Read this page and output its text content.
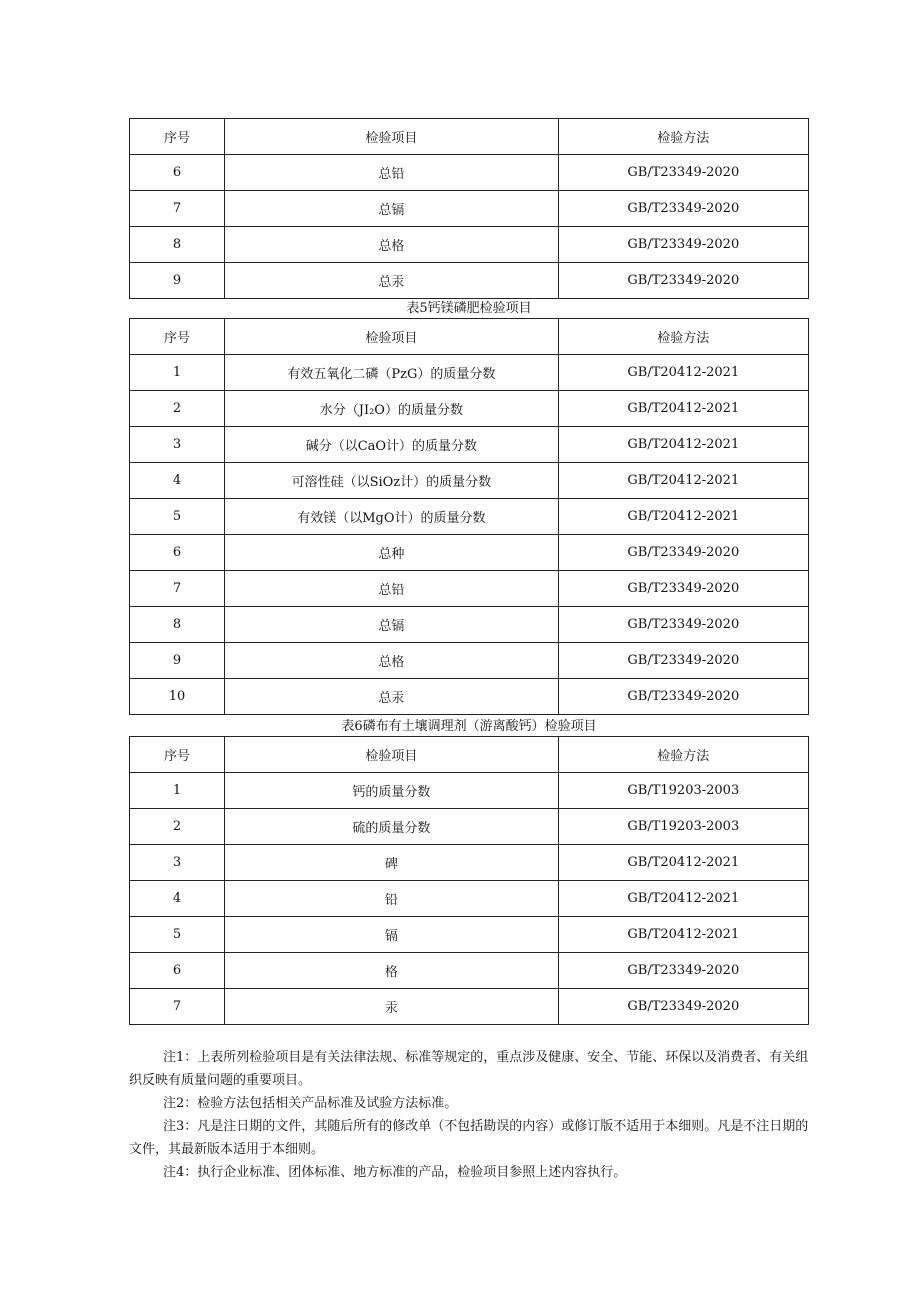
序号	检验项目	检验方法
6	总铅	GB/T23349-2020
7	总镉	GB/T23349-2020
8	总格	GB/T23349-2020
9	总汞	GB/T23349-2020
表5钙镁磷肥检验项目
序号	检验项目	检验方法
1	有效五氧化二磷（PzG）的质量分数	GB/T20412-2021
2	水分（JI₂O）的质量分数	GB/T20412-2021
3	碱分（以CaO计）的质量分数	GB/T20412-2021
4	可溶性硅（以SiOz计）的质量分数	GB/T20412-2021
5	有效镁（以MgO计）的质量分数	GB/T20412-2021
6	总种	GB/T23349-2020
7	总铅	GB/T23349-2020
8	总镉	GB/T23349-2020
9	总格	GB/T23349-2020
10	总汞	GB/T23349-2020
表6磷布有土壤调理剂（游离酸钙）检验项目
序号	检验项目	检验方法
1	钙的质量分数	GB/T19203-2003
2	硫的质量分数	GB/T19203-2003
3	碑	GB/T20412-2021
4	铅	GB/T20412-2021
5	镉	GB/T20412-2021
6	格	GB/T23349-2020
7	汞	GB/T23349-2020

注1：上表所列检验项目是有关法律法规、标准等规定的，重点涉及健康、安全、节能、环保以及消费者、有关组织反映有质量问题的重要项目。

注2：检验方法包括相关产品标准及试验方法标准。

注3：凡是注日期的文件，其随后所有的修改单（不包括勘误的内容）或修订版不适用于本细则。凡是不注日期的文件，其最新版本适用于本细则。

注4：执行企业标准、团体标准、地方标准的产品，检验项目参照上述内容执行。
